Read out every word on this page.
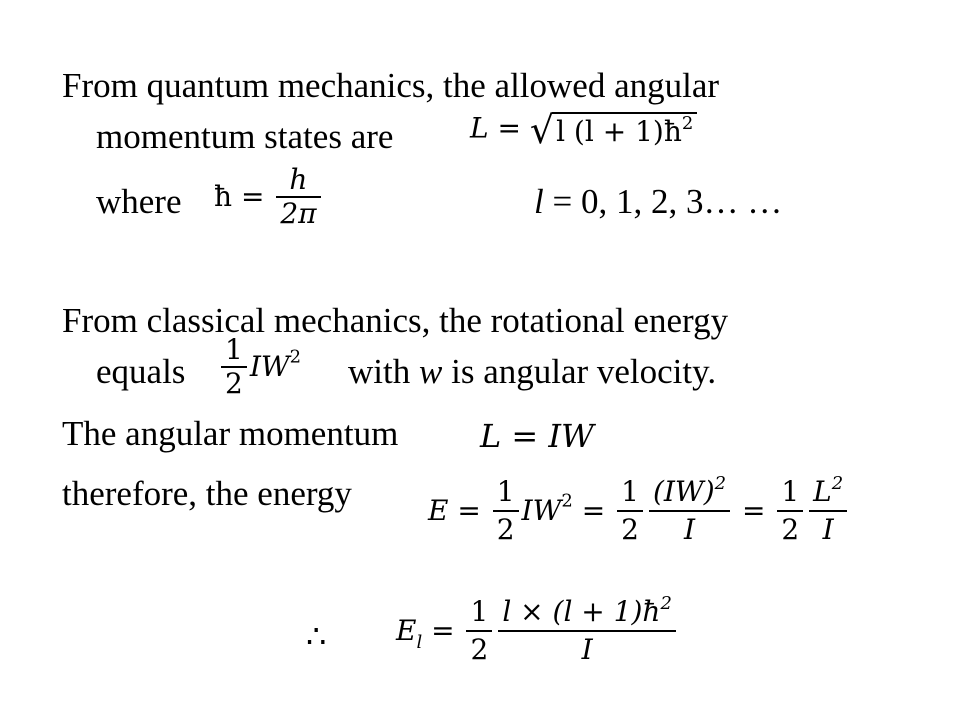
From quantum mechanics, the allowed angular
momentum states are	L = √l $(l + 1)ħ^2$
where ħ = $\frac{h}{2\pi}$	l = 0, 1, 2, 3… …
From classical mechanics, the rotational energy
equals $\frac{1}{2} IW^2$ with w is angular velocity.
The angular momentum	L = IW
therefore, the energy	$E = \frac{1}{2} IW^2 = \frac{1}{2} \frac{(IW)^2}{I} = \frac{1}{2} \frac{L^2}{I}$
∴ $E_l = \frac{1}{2} \frac{l \times (l + 1)ħ^2}{I}$
